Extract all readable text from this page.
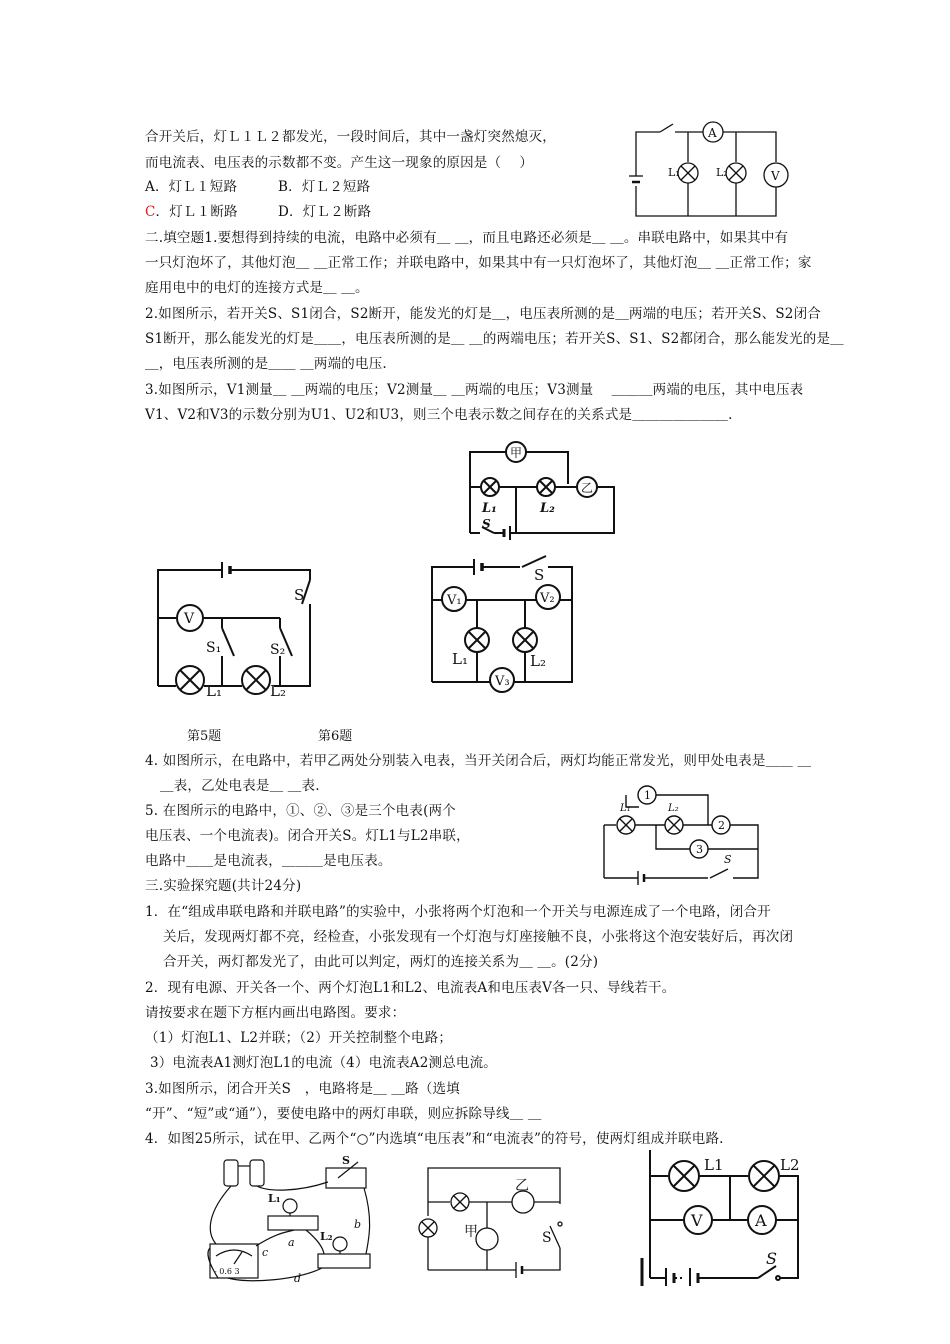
合开关后，灯Ｌ１Ｌ２都发光，一段时间后，其中一盏灯突然熄灭，
而电流表、电压表的示数都不变。产生这一现象的原因是（　 ）
A．灯Ｌ１短路	B．灯Ｌ２短路
C．灯Ｌ１断路	D．灯Ｌ２断路
A
V
L₁	L₂
二.填空题1.要想得到持续的电流，电路中必须有＿ ＿，而且电路还必须是＿ ＿。串联电路中，如果其中有
一只灯泡坏了，其他灯泡＿ ＿正常工作；并联电路中，如果其中有一只灯泡坏了，其他灯泡＿ ＿正常工作；家
庭用电中的电灯的连接方式是＿ ＿。
2.如图所示，若开关S、S1闭合，S2断开，能发光的灯是＿，电压表所测的是＿两端的电压；若开关S、S2闭合
S1断开，那么能发光的灯是＿＿，电压表所测的是＿ ＿的两端电压；若开关S、S1、S2都闭合，那么能发光的是＿
＿，电压表所测的是＿＿ ＿两端的电压.
3.如图所示，V1测量＿ ＿两端的电压；V2测量＿ ＿两端的电压；V3测量　 ＿＿＿两端的电压，其中电压表
V1、V2和V3的示数分别为U1、U2和U3，则三个电表示数之间存在的关系式是＿＿＿＿＿＿＿.
甲
乙
L₁	L₂
S
V
S
S₁	S₂
L₁	L₂
V₁	V₂
V₃
S
L₁	L₂
第5题	第6题
4. 如图所示，在电路中，若甲乙两处分别装入电表，当开关闭合后，两灯均能正常发光，则甲处电表是＿＿ ＿
＿表，乙处电表是＿ ＿表.
5. 在图所示的电路中，①、②、③是三个电表(两个
电压表、一个电流表)。闭合开关S。灯L1与L2串联，
电路中＿＿是电流表，＿＿＿是电压表。
1
2
3
L₁	L₂
S
三.实验探究题(共计24分)
1．在“组成串联电路和并联电路”的实验中，小张将两个灯泡和一个开关与电源连成了一个电路，闭合开
关后，发现两灯都不亮，经检查，小张发现有一个灯泡与灯座接触不良，小张将这个泡安装好后，再次闭
合开关，两灯都发光了，由此可以判定，两灯的连接关系为＿ ＿。(2分)
2．现有电源、开关各一个、两个灯泡L1和L2、电流表A和电压表V各一只、导线若干。
请按要求在题下方框内画出电路图。要求：
（1）灯泡L1、L2并联；（2）开关控制整个电路；
3）电流表A1测灯泡L1的电流（4）电流表A2测总电流。
3.如图所示，闭合开关S　，电路将是＿ ＿路（选填
“开”、“短”或“通”），要使电路中的两灯串联，则应拆除导线＿ ＿
4．如图25所示，试在甲、乙两个“○”内选填“电压表”和“电流表”的符号，使两灯组成并联电路.
S
L₁
L₂
- 0.6 3
a
b
c
d
甲
乙
S
L1	L2
V	A
S
